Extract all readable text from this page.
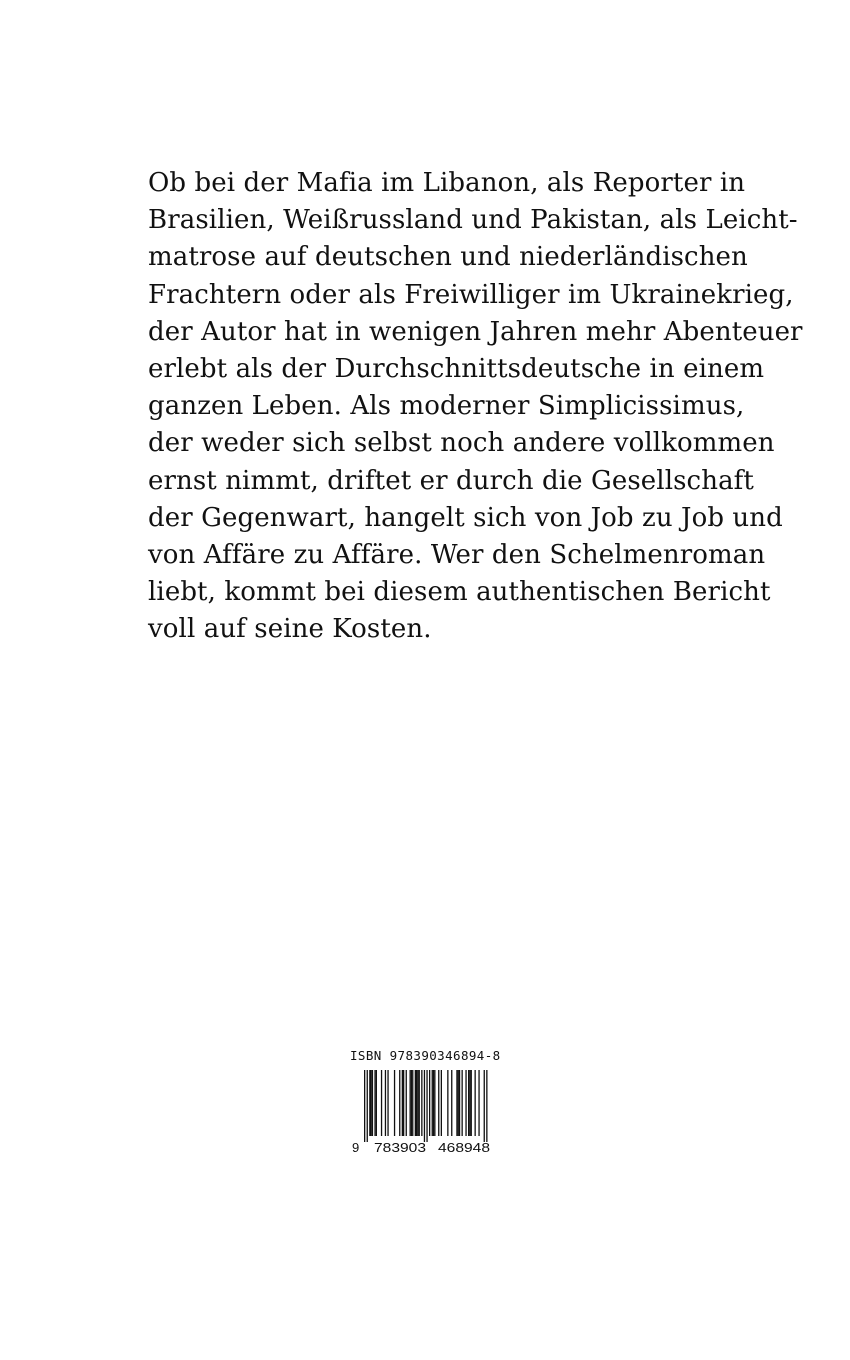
Ob bei der Mafia im Libanon, als Reporter in
Brasilien, Weißrussland und Pakistan, als Leicht-
matrose auf deutschen und niederländischen
Frachtern oder als Freiwilliger im Ukrainekrieg,
der Autor hat in wenigen Jahren mehr Abenteuer
erlebt als der Durchschnittsdeutsche in einem
ganzen Leben. Als moderner Simplicissimus,
der weder sich selbst noch andere vollkommen
ernst nimmt, driftet er durch die Gesellschaft
der Gegenwart, hangelt sich von Job zu Job und
von Affäre zu Affäre. Wer den Schelmenroman
liebt, kommt bei diesem authentischen Bericht
voll auf seine Kosten.
ISBN 978390346894-8
9 783903 468948
